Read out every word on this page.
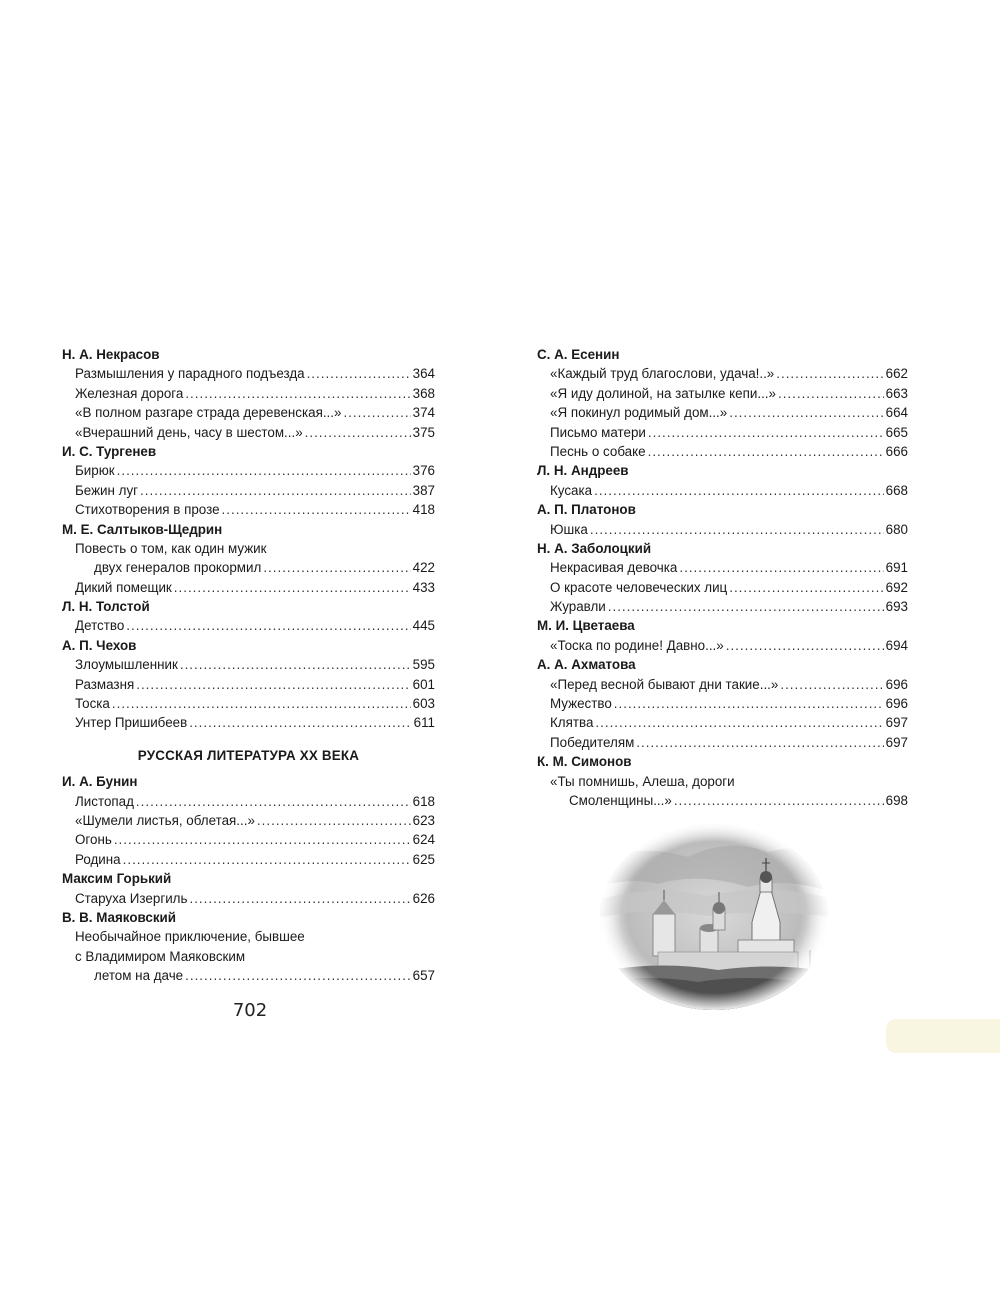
Н. А. Некрасов
Размышления у парадного подъезда .....	364
Железная дорога .....	368
«В полном разгаре страда деревенская...» .....	374
«Вчерашний день, часу в шестом...» .....	375
И. С. Тургенев
Бирюк .....	376
Бежин луг .....	387
Стихотворения в прозе .....	418
М. Е. Салтыков-Щедрин
Повесть о том, как один мужик
двух генералов прокормил .....	422
Дикий помещик .....	433
Л. Н. Толстой
Детство .....	445
А. П. Чехов
Злоумышленник .....	595
Размазня .....	601
Тоска .....	603
Унтер Пришибеев .....	611
РУССКАЯ ЛИТЕРАТУРА XX ВЕКА
И. А. Бунин
Листопад .....	618
«Шумели листья, облетая...» .....	623
Огонь .....	624
Родина .....	625
Максим Горький
Старуха Изергиль .....	626
В. В. Маяковский
Необычайное приключение, бывшее
с Владимиром Маяковским
летом на даче .....	657
С. А. Есенин
«Каждый труд благослови, удача!..» .....	662
«Я иду долиной, на затылке кепи...» .....	663
«Я покинул родимый дом...» .....	664
Письмо матери .....	665
Песнь о собаке .....	666
Л. Н. Андреев
Кусака .....	668
А. П. Платонов
Юшка .....	680
Н. А. Заболоцкий
Некрасивая девочка .....	691
О красоте человеческих лиц .....	692
Журавли .....	693
М. И. Цветаева
«Тоска по родине! Давно...» .....	694
А. А. Ахматова
«Перед весной бывают дни такие...» .....	696
Мужество .....	696
Клятва .....	697
Победителям .....	697
К. М. Симонов
«Ты помнишь, Алеша, дороги
Смоленщины...» .....	698
702
